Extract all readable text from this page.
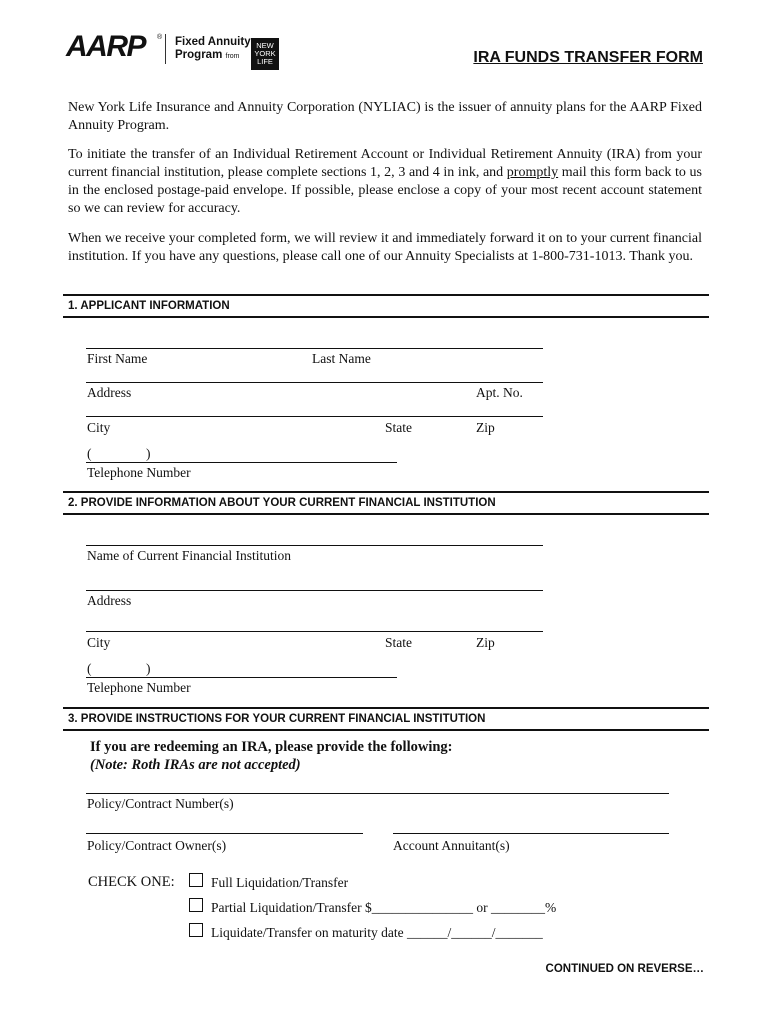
AARP ® Fixed Annuity
Program from
NEW
YORK
LIFE	IRA FUNDS TRANSFER FORM
New York Life Insurance and Annuity Corporation (NYLIAC) is the issuer of annuity plans for the AARP Fixed Annuity Program.
To initiate the transfer of an Individual Retirement Account or Individual Retirement Annuity (IRA) from your current financial institution, please complete sections 1, 2, 3 and 4 in ink, and promptly mail this form back to us in the enclosed postage-paid envelope. If possible, please enclose a copy of your most recent account statement so we can review for accuracy.
When we receive your completed form, we will review it and immediately forward it on to your current financial institution. If you have any questions, please call one of our Annuity Specialists at 1-800-731-1013. Thank you.
1. APPLICANT INFORMATION
First Name	Last Name
Address	Apt. No.
City	State	Zip
(	)
Telephone Number
2. PROVIDE INFORMATION ABOUT YOUR CURRENT FINANCIAL INSTITUTION
Name of Current Financial Institution
Address
City	State	Zip
(	)
Telephone Number
3. PROVIDE INSTRUCTIONS FOR YOUR CURRENT FINANCIAL INSTITUTION
If you are redeeming an IRA, please provide the following:
(Note: Roth IRAs are not accepted)
Policy/Contract Number(s)
Policy/Contract Owner(s)	Account Annuitant(s)
CHECK ONE:	Full Liquidation/Transfer
Partial Liquidation/Transfer $_______________ or ________%
Liquidate/Transfer on maturity date ______/______/_______
CONTINUED ON REVERSE…
